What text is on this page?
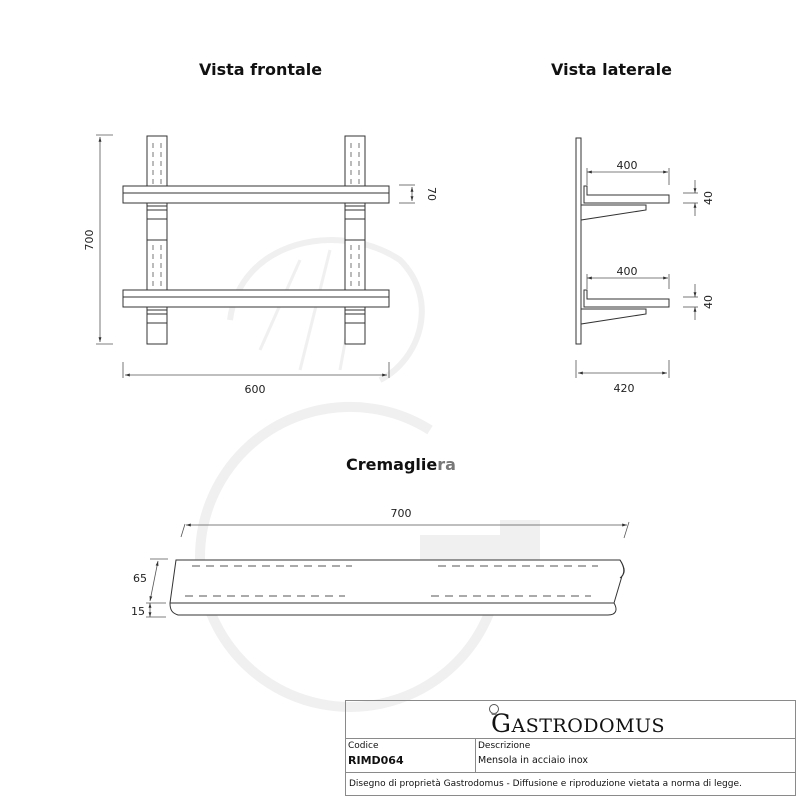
700
600
70
400
400
40
40
420
700
65
15
Vista frontale	Vista laterale
Cremagliera
GASTRODOMUS
Codice
RIMD064
Descrizione
Mensola in acciaio inox
Disegno di proprietà Gastrodomus - Diffusione e riproduzione vietata a norma di legge.
